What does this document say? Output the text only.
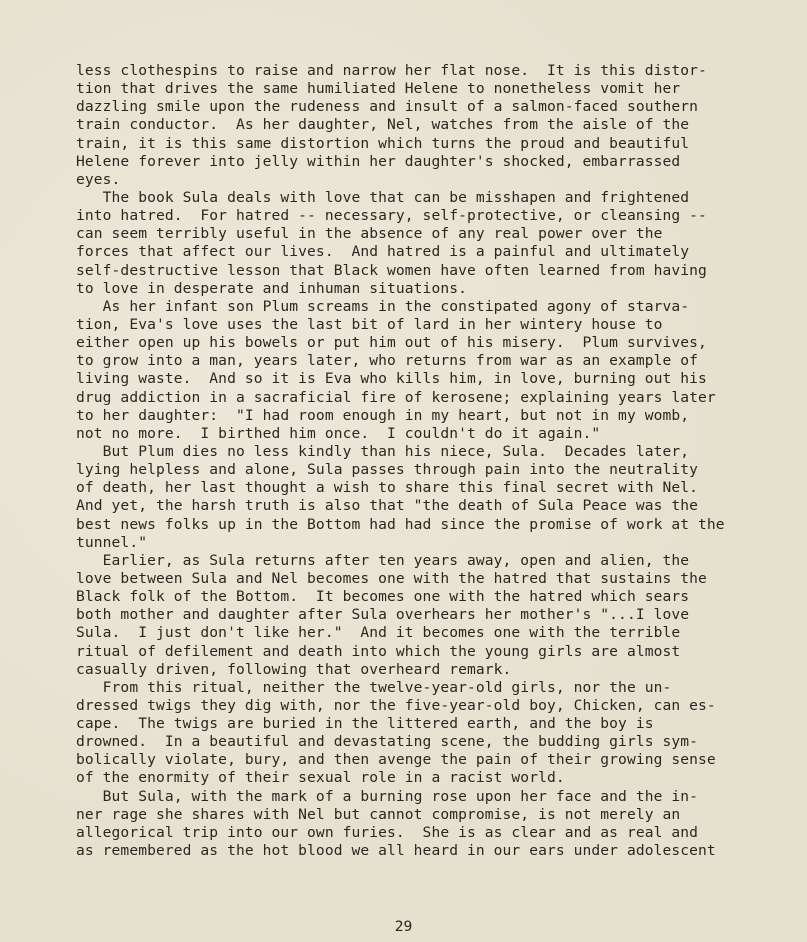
less clothespins to raise and narrow her flat nose.  It is this distor-
tion that drives the same humiliated Helene to nonetheless vomit her
dazzling smile upon the rudeness and insult of a salmon-faced southern
train conductor.  As her daughter, Nel, watches from the aisle of the
train, it is this same distortion which turns the proud and beautiful
Helene forever into jelly within her daughter's shocked, embarrassed
eyes.
The book Sula deals with love that can be misshapen and frightened
into hatred.  For hatred -- necessary, self-protective, or cleansing --
can seem terribly useful in the absence of any real power over the
forces that affect our lives.  And hatred is a painful and ultimately
self-destructive lesson that Black women have often learned from having
to love in desperate and inhuman situations.
As her infant son Plum screams in the constipated agony of starva-
tion, Eva's love uses the last bit of lard in her wintery house to
either open up his bowels or put him out of his misery.  Plum survives,
to grow into a man, years later, who returns from war as an example of
living waste.  And so it is Eva who kills him, in love, burning out his
drug addiction in a sacraficial fire of kerosene; explaining years later
to her daughter:  "I had room enough in my heart, but not in my womb,
not no more.  I birthed him once.  I couldn't do it again."
But Plum dies no less kindly than his niece, Sula.  Decades later,
lying helpless and alone, Sula passes through pain into the neutrality
of death, her last thought a wish to share this final secret with Nel.
And yet, the harsh truth is also that "the death of Sula Peace was the
best news folks up in the Bottom had had since the promise of work at the
tunnel."
Earlier, as Sula returns after ten years away, open and alien, the
love between Sula and Nel becomes one with the hatred that sustains the
Black folk of the Bottom.  It becomes one with the hatred which sears
both mother and daughter after Sula overhears her mother's "...I love
Sula.  I just don't like her."  And it becomes one with the terrible
ritual of defilement and death into which the young girls are almost
casually driven, following that overheard remark.
From this ritual, neither the twelve-year-old girls, nor the un-
dressed twigs they dig with, nor the five-year-old boy, Chicken, can es-
cape.  The twigs are buried in the littered earth, and the boy is
drowned.  In a beautiful and devastating scene, the budding girls sym-
bolically violate, bury, and then avenge the pain of their growing sense
of the enormity of their sexual role in a racist world.
But Sula, with the mark of a burning rose upon her face and the in-
ner rage she shares with Nel but cannot compromise, is not merely an
allegorical trip into our own furies.  She is as clear and as real and
as remembered as the hot blood we all heard in our ears under adolescent
29
